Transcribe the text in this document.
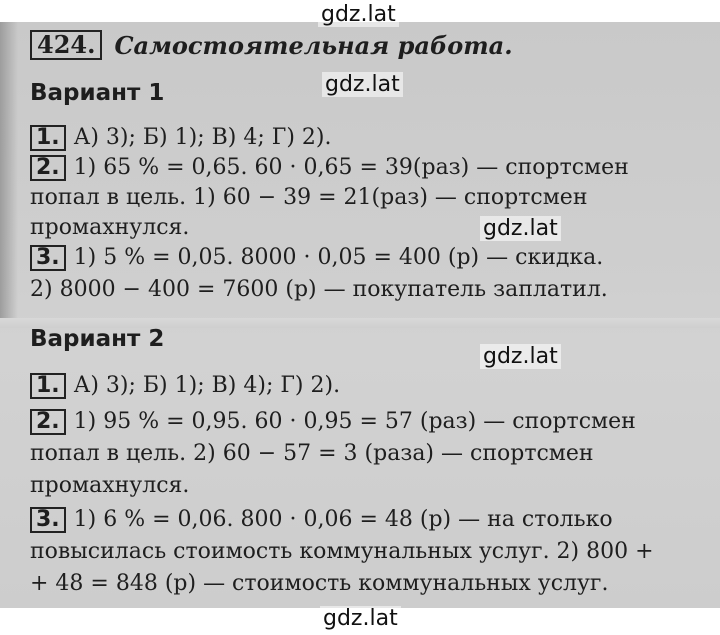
gdz.lat
gdz.lat
gdz.lat
gdz.lat
gdz.lat
424. Самостоятельная работа.
Вариант 1
1. А) 3); Б) 1); В) 4; Г) 2).
2. 1) 65 % = 0,65. 60 · 0,65 = 39(раз) — спортсмен
попал в цель. 1) 60 − 39 = 21(раз) — спортсмен
промахнулся.
3. 1) 5 % = 0,05. 8000 · 0,05 = 400 (р) — скидка.
2) 8000 − 400 = 7600 (р) — покупатель заплатил.
Вариант 2
1. А) 3); Б) 1); В) 4); Г) 2).
2. 1) 95 % = 0,95. 60 · 0,95 = 57 (раз) — спортсмен
попал в цель. 2) 60 − 57 = 3 (раза) — спортсмен
промахнулся.
3. 1) 6 % = 0,06. 800 · 0,06 = 48 (р) — на столько
повысилась стоимость коммунальных услуг. 2) 800 +
+ 48 = 848 (р) — стоимость коммунальных услуг.
